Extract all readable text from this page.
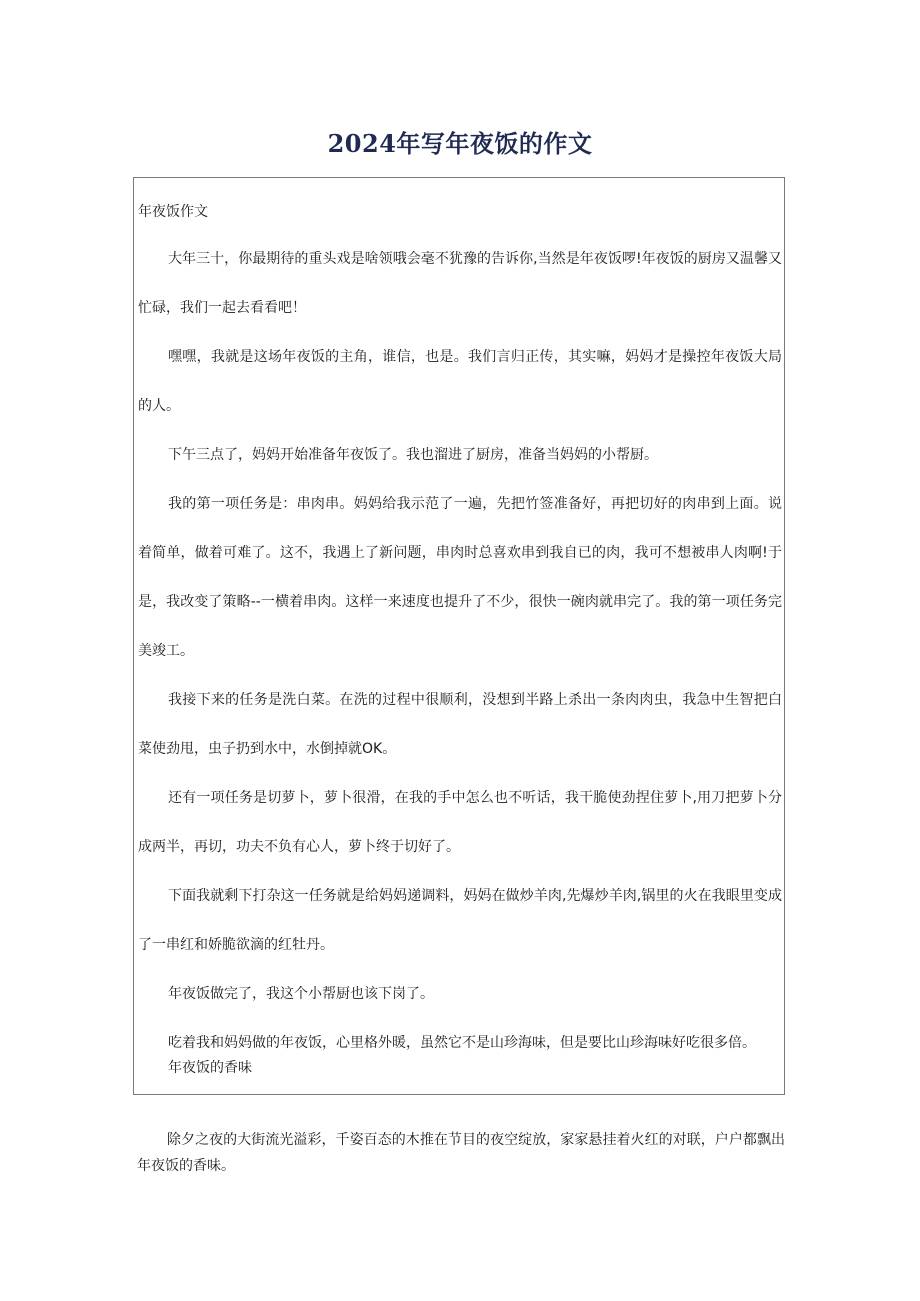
2024年写年夜饭的作文

年夜饭作文

大年三十，你最期待的重头戏是啥领哦会毫不犹豫的告诉你,当然是年夜饭啰!年夜饭的厨房又温馨又忙碌，我们一起去看看吧！

嘿嘿，我就是这场年夜饭的主角，谁信，也是。我们言归正传，其实嘛，妈妈才是操控年夜饭大局的人。

下午三点了，妈妈开始准备年夜饭了。我也溜进了厨房，准备当妈妈的小帮厨。

我的第一项任务是：串肉串。妈妈给我示范了一遍，先把竹签准备好，再把切好的肉串到上面。说着简单，做着可难了。这不，我遇上了新问题，串肉时总喜欢串到我自已的肉，我可不想被串人肉啊!于是，我改变了策略--一横着串肉。这样一来速度也提升了不少，很快一碗肉就串完了。我的第一项任务完美竣工。

我接下来的任务是洗白菜。在洗的过程中很顺利，没想到半路上杀出一条肉肉虫，我急中生智把白菜使劲甩，虫子扔到水中，水倒掉就OK。

还有一项任务是切萝卜，萝卜很滑，在我的手中怎么也不听话，我干脆使劲捏住萝卜,用刀把萝卜分成两半，再切，功夫不负有心人，萝卜终于切好了。

下面我就剩下打杂这一任务就是给妈妈递调料，妈妈在做炒羊肉,先爆炒羊肉,锅里的火在我眼里变成了一串红和娇脆欲滴的红牡丹。

年夜饭做完了，我这个小帮厨也该下岗了。

吃着我和妈妈做的年夜饭，心里格外暖，虽然它不是山珍海味，但是要比山珍海味好吃很多倍。

年夜饭的香味

除夕之夜的大街流光溢彩，千姿百态的木推在节目的夜空绽放，家家悬挂着火红的对联，户户都飘出年夜饭的香味。
